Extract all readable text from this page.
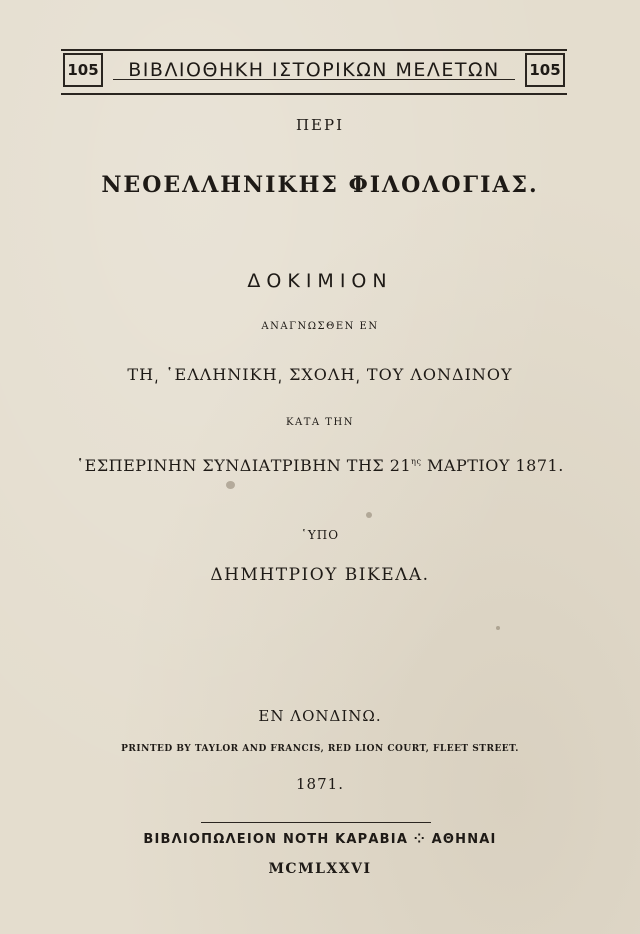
105	ΒΙΒΛΙΟΘΗΚΗ ΙΣΤΟΡΙΚΩΝ ΜΕΛΕΤΩΝ	105
ΠΕΡΙ
ΝΕΟΕΛΛΗΝΙΚΗΣ ΦΙΛΟΛΟΓΙΑΣ.
ΔΟΚΙΜΙΟΝ
ΑΝΑΓΝΩΣΘΕΝ ΕΝ
ΤΗ͵ ῾ΕΛΛΗΝΙΚΗ͵ ΣΧΟΛΗ͵ ΤΟΥ ΛΟΝΔΙΝΟΥ
ΚΑΤΑ ΤΗΝ
῾ΕΣΠΕΡΙΝΗΝ ΣΥΝΔΙΑΤΡΙΒΗΝ ΤΗΣ $21^{\eta\varsigma}$ ΜΑΡΤΙΟΥ 1871.
῾ΥΠΟ
ΔΗΜΗΤΡΙΟΥ ΒΙΚΕΛΑ.
ΕΝ ΛΟΝΔΙΝΩ.
PRINTED BY TAYLOR AND FRANCIS, RED LION COURT, FLEET STREET.
1871.
ΒΙΒΛΙΟΠΩΛΕΙΟΝ ΝΟΤΗ ΚΑΡΑΒΙΑ ⁘ ΑΘΗΝΑΙ
MCMLXXVI
